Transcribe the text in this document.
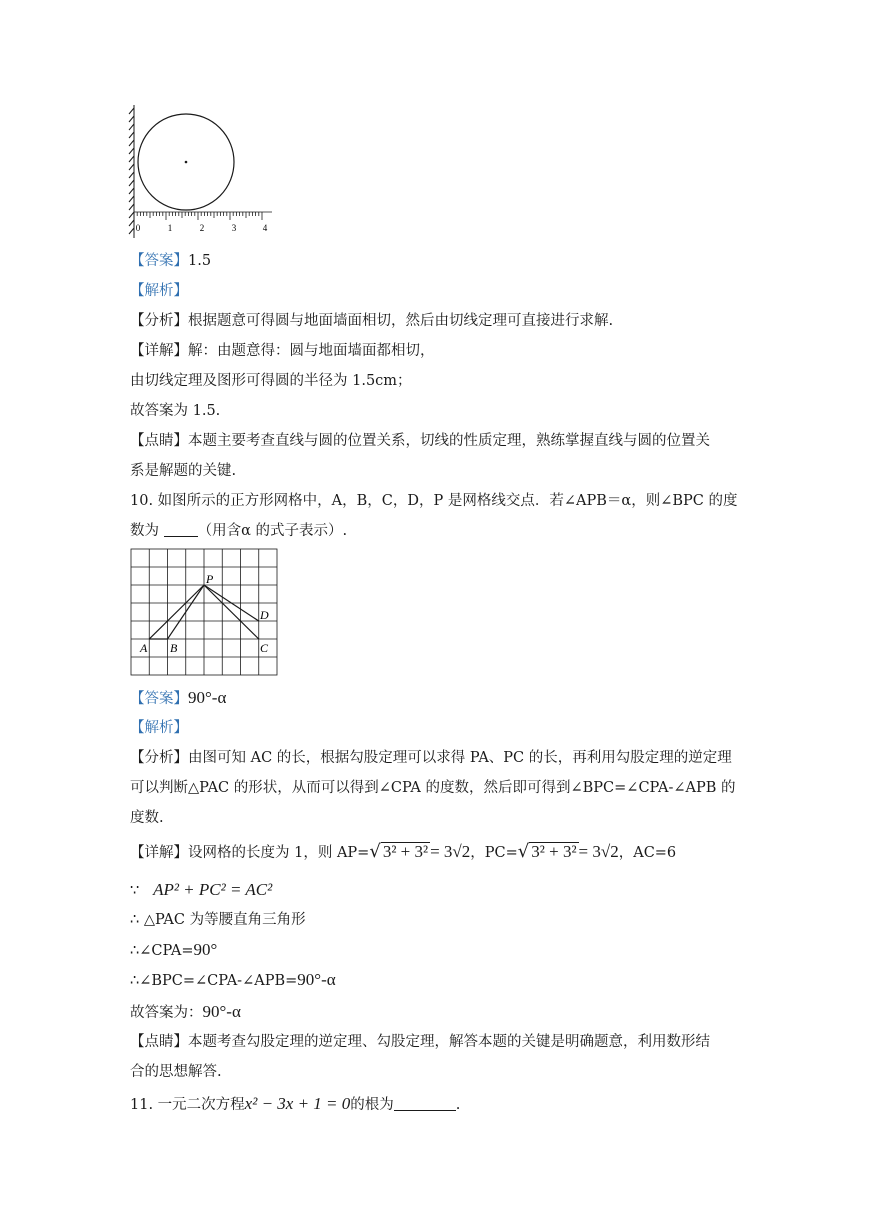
0	1	2	3	4
【答案】1.5
【解析】
【分析】根据题意可得圆与地面墙面相切，然后由切线定理可直接进行求解.
【详解】解：由题意得：圆与地面墙面都相切，
由切线定理及图形可得圆的半径为 1.5cm；
故答案为 1.5.
【点睛】本题主要考查直线与圆的位置关系，切线的性质定理，熟练掌握直线与圆的位置关
系是解题的关键.
10. 如图所示的正方形网格中，A，B，C，D，P 是网格线交点．若∠APB＝α，则∠BPC 的度
数为 （用含α 的式子表示）.
P
D
A B	C
【答案】90°-α
【解析】
【分析】由图可知 AC 的长，根据勾股定理可以求得 PA、PC 的长，再利用勾股定理的逆定理
可以判断△PAC 的形状，从而可以得到∠CPA 的度数，然后即可得到∠BPC=∠CPA-∠APB 的
度数.
【详解】设网格的长度为 1，则 AP=√ 3² + 3² = 3√2，PC=√ 3² + 3² = 3√2，AC=6
∵ AP² + PC² = AC²
∴ △PAC 为等腰直角三角形
∴∠CPA=90°
∴∠BPC=∠CPA-∠APB=90°-α
故答案为：90°-α
【点睛】本题考查勾股定理的逆定理、勾股定理，解答本题的关键是明确题意，利用数形结
合的思想解答.
11. 一元二次方程x² − 3x + 1 = 0的根为	.
